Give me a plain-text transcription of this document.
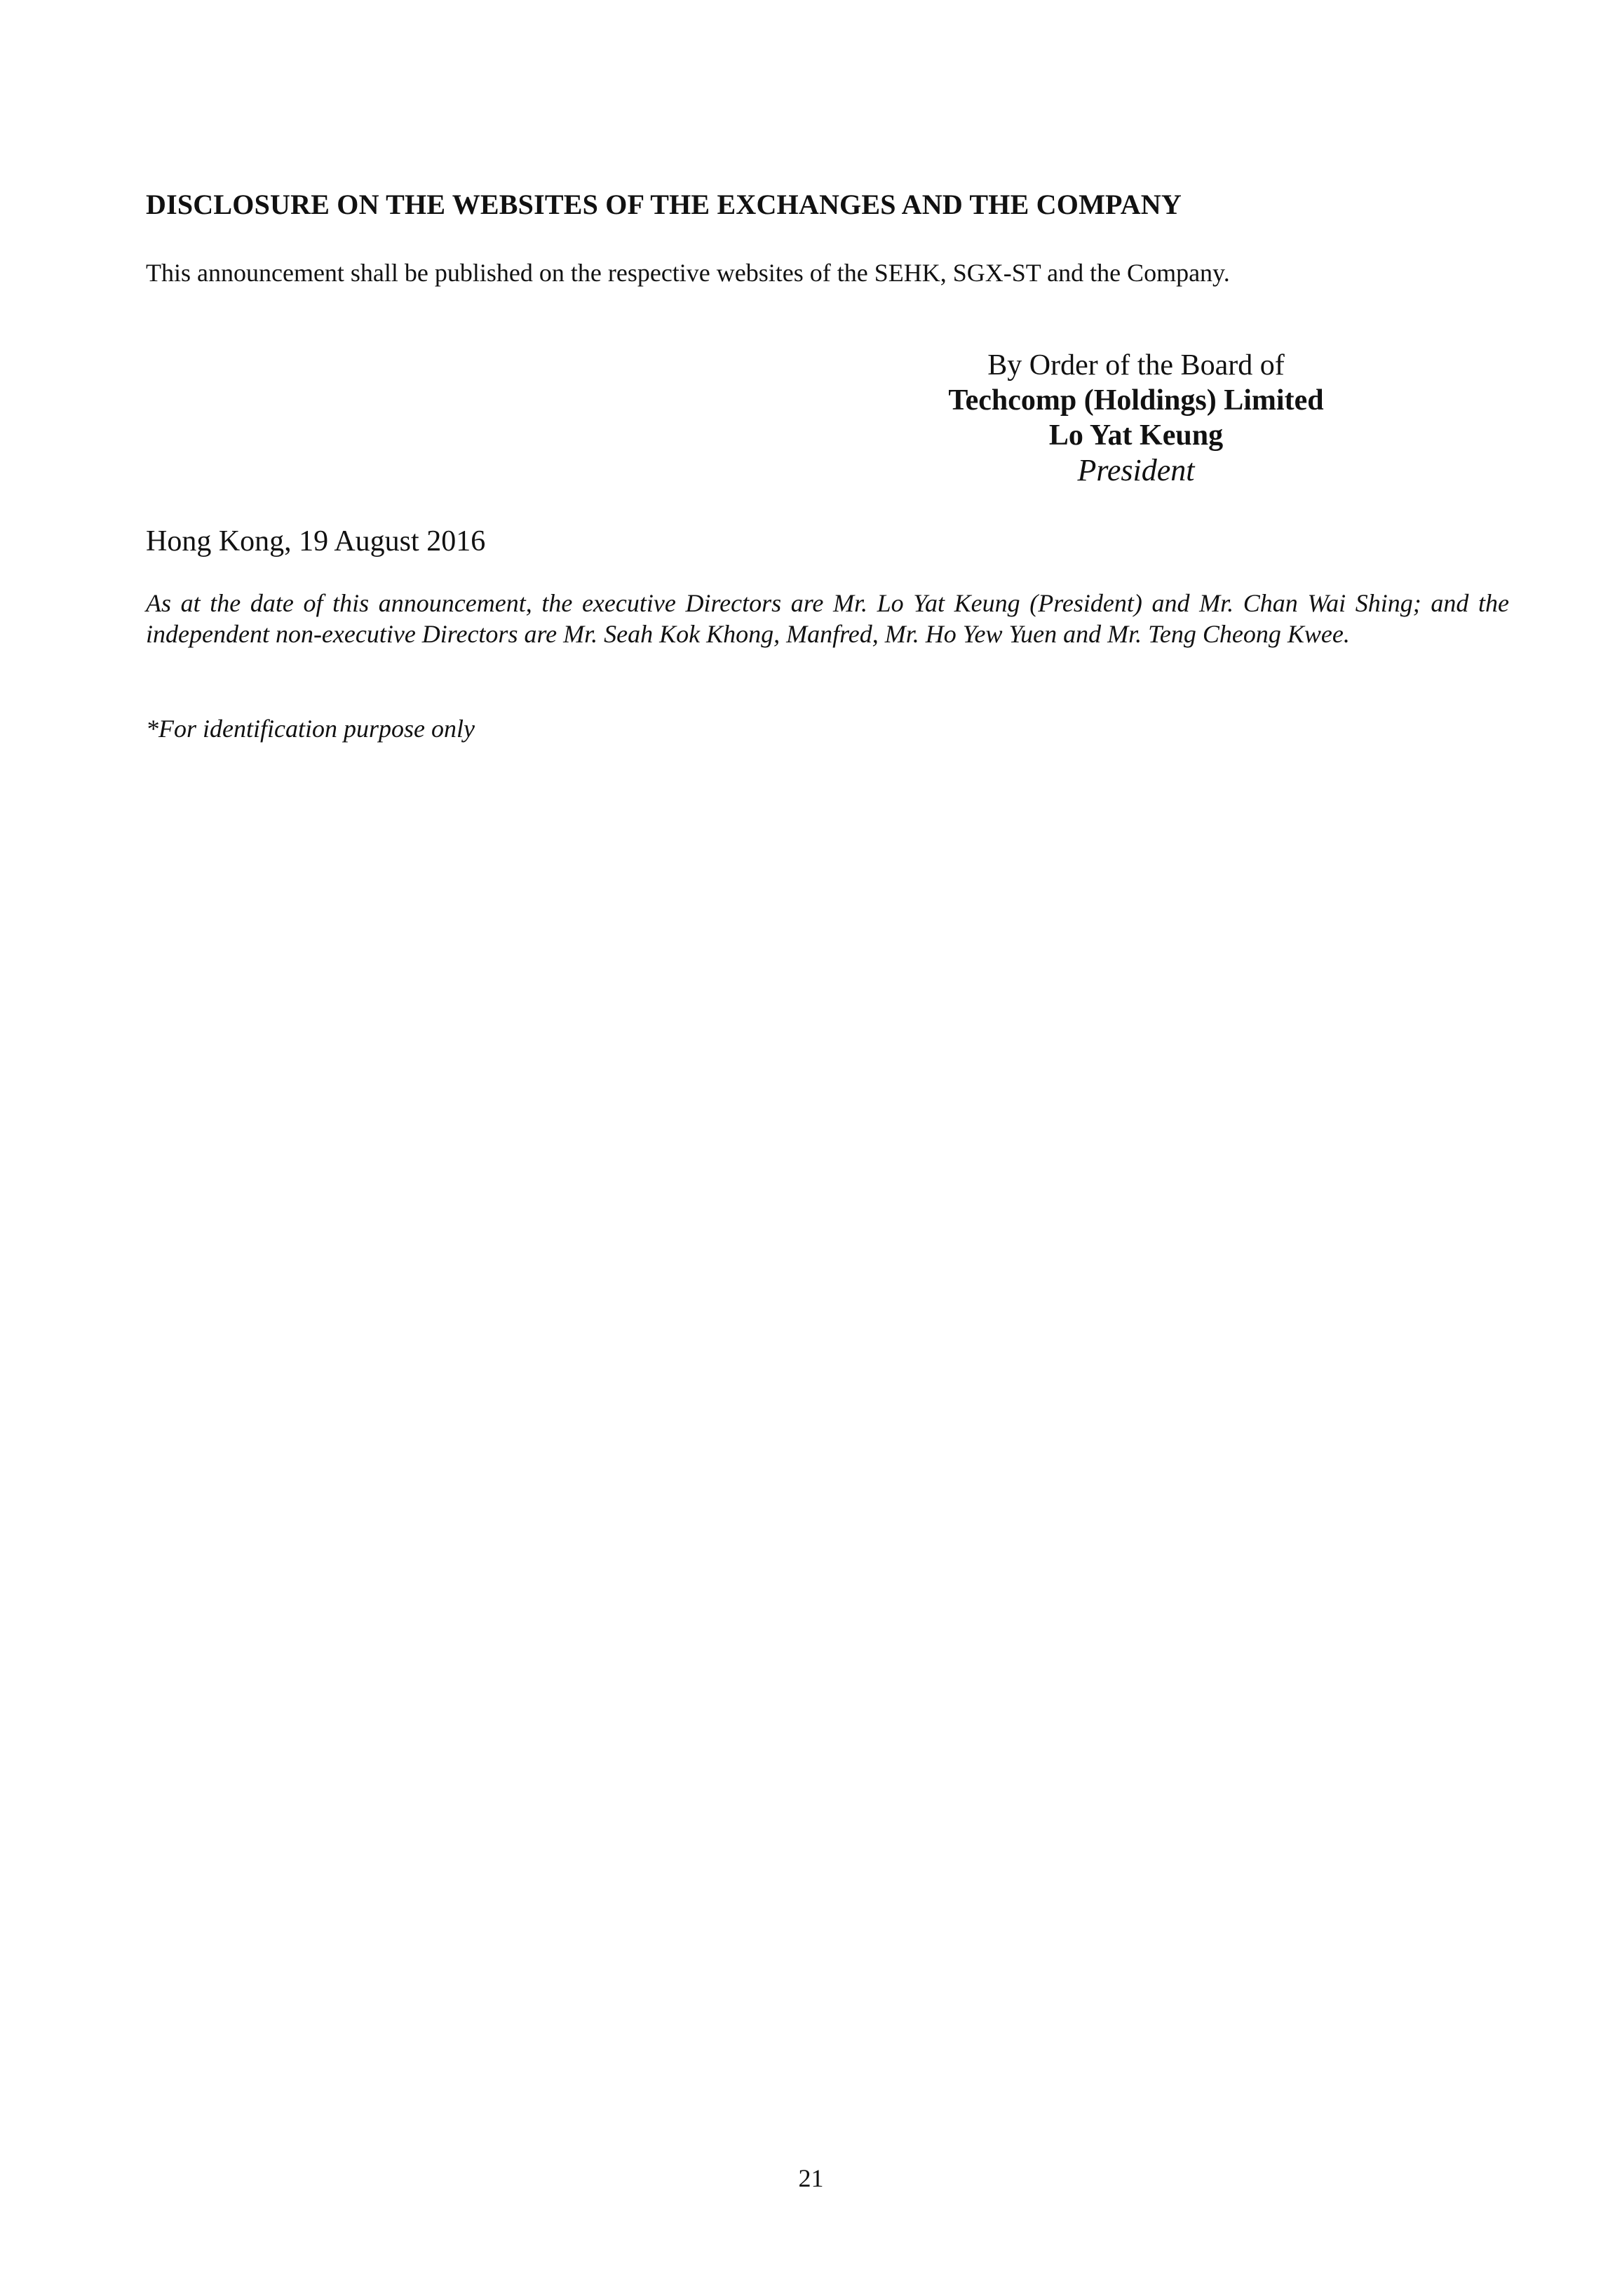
DISCLOSURE ON THE WEBSITES OF THE EXCHANGES AND THE COMPANY
This announcement shall be published on the respective websites of the SEHK, SGX-ST and the Company.
By Order of the Board of
Techcomp (Holdings) Limited
Lo Yat Keung
President
Hong Kong, 19 August 2016
As at the date of this announcement, the executive Directors are Mr. Lo Yat Keung (President) and Mr. Chan Wai Shing; and the independent non-executive Directors are Mr. Seah Kok Khong, Manfred, Mr. Ho Yew Yuen and Mr. Teng Cheong Kwee.
*For identification purpose only
21
